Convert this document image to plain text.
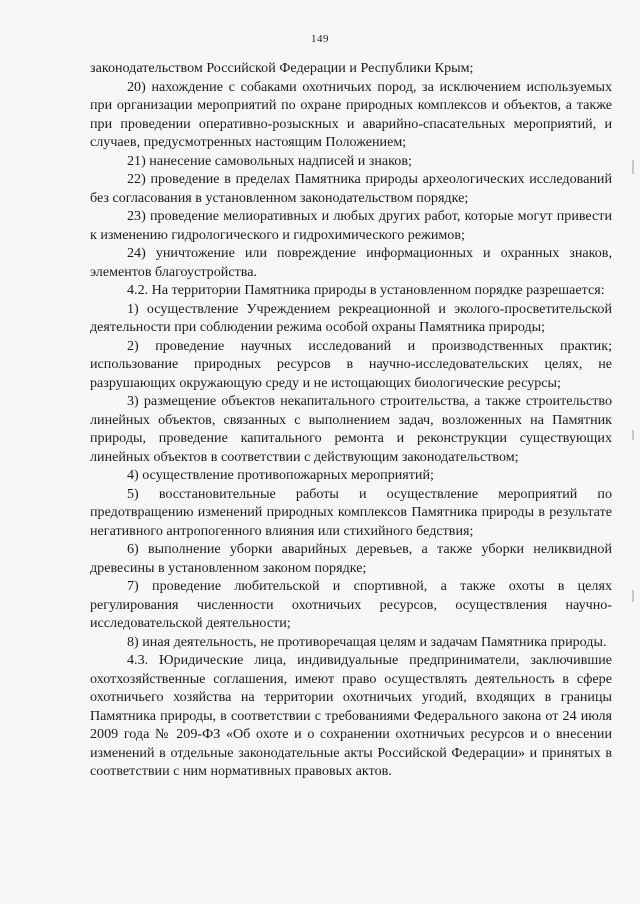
149

законодательством Российской Федерации и Республики Крым;

20) нахождение с собаками охотничьих пород, за исключением используемых при организации мероприятий по охране природных комплексов и объектов, а также при проведении оперативно-розыскных и аварийно-спасательных мероприятий, и случаев, предусмотренных настоящим Положением;

21) нанесение самовольных надписей и знаков;

22) проведение в пределах Памятника природы археологических исследований без согласования в установленном законодательством порядке;

23) проведение мелиоративных и любых других работ, которые могут привести к изменению гидрологического и гидрохимического режимов;

24) уничтожение или повреждение информационных и охранных знаков, элементов благоустройства.

4.2. На территории Памятника природы в установленном порядке разрешается:

1) осуществление Учреждением рекреационной и эколого-просветительской деятельности при соблюдении режима особой охраны Памятника природы;

2) проведение научных исследований и производственных практик; использование природных ресурсов в научно-исследовательских целях, не разрушающих окружающую среду и не истощающих биологические ресурсы;

3) размещение объектов некапитального строительства, а также строительство линейных объектов, связанных с выполнением задач, возложенных на Памятник природы, проведение капитального ремонта и реконструкции существующих линейных объектов в соответствии с действующим законодательством;

4) осуществление противопожарных мероприятий;

5) восстановительные работы и осуществление мероприятий по предотвращению изменений природных комплексов Памятника природы в результате негативного антропогенного влияния или стихийного бедствия;

6) выполнение уборки аварийных деревьев, а также уборки неликвидной древесины в установленном законом порядке;

7) проведение любительской и спортивной, а также охоты в целях регулирования численности охотничьих ресурсов, осуществления научно-исследовательской деятельности;

8) иная деятельность, не противоречащая целям и задачам Памятника природы.

4.3. Юридические лица, индивидуальные предприниматели, заключившие охотхозяйственные соглашения, имеют право осуществлять деятельность в сфере охотничьего хозяйства на территории охотничьих угодий, входящих в границы Памятника природы, в соответствии с требованиями Федерального закона от 24 июля 2009 года № 209-ФЗ «Об охоте и о сохранении охотничьих ресурсов и о внесении изменений в отдельные законодательные акты Российской Федерации» и принятых в соответствии с ним нормативных правовых актов.
